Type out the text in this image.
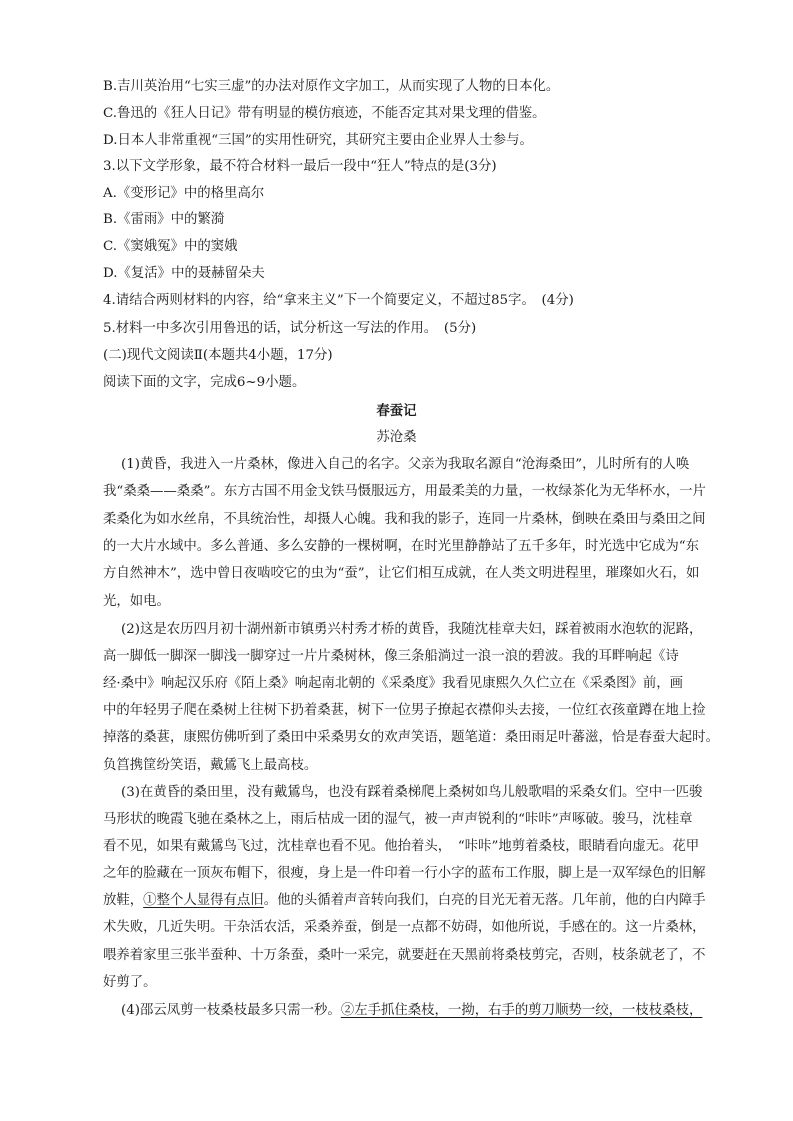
B.吉川英治用“七实三虚”的办法对原作文字加工，从而实现了人物的日本化。
C.鲁迅的《狂人日记》带有明显的模仿痕迹，不能否定其对果戈理的借鉴。
D.日本人非常重视“三国”的实用性研究，其研究主要由企业界人士参与。
3.以下文学形象，最不符合材料一最后一段中“狂人”特点的是(3分)
A.《变形记》中的格里高尔
B.《雷雨》中的繁漪
C.《窦娥冤》中的窦娥
D.《复活》中的聂赫留朵夫
4.请结合两则材料的内容，给“拿来主义”下一个简要定义，不超过85字。　(4分)
5.材料一中多次引用鲁迅的话，试分析这一写法的作用。　(5分)
(二)现代文阅读Ⅱ(本题共4小题，17分)
阅读下面的文字，完成6~9小题。
春蚕记
苏沧桑
(1)黄昏，我进入一片桑林，像进入自己的名字。父亲为我取名源自“沧海桑田”，儿时所有的人唤
我“桑桑——桑桑”。东方古国不用金戈铁马慑服远方，用最柔美的力量，一枚绿茶化为无华杯水，一片
柔桑化为如水丝帛，不具统治性，却摄人心魄。我和我的影子，连同一片桑林，倒映在桑田与桑田之间
的一大片水域中。多么普通、多么安静的一棵树啊，在时光里静静站了五千多年，时光选中它成为“东
方自然神木”，选中曾日夜啮咬它的虫为“蚕”，让它们相互成就，在人类文明进程里，璀璨如火石，如
光，如电。
(2)这是农历四月初十湖州新市镇勇兴村秀才桥的黄昏，我随沈桂章夫妇，踩着被雨水泡软的泥路，
高一脚低一脚深一脚浅一脚穿过一片片桑树林，像三条船淌过一浪一浪的碧波。我的耳畔响起《诗
经·桑中》响起汉乐府《陌上桑》响起南北朝的《采桑度》我看见康熙久久伫立在《采桑图》前，画
中的年轻男子爬在桑树上往树下扔着桑葚，树下一位男子撩起衣襟仰头去接，一位红衣孩童蹲在地上捡
掉落的桑葚，康熙仿佛听到了桑田中采桑男女的欢声笑语，题笔道：桑田雨足叶蕃滋，恰是春蚕大起时。
负筥携筐纷笑语，戴鵀飞上最高枝。
(3)在黄昏的桑田里，没有戴鵀鸟，也没有踩着桑梯爬上桑树如鸟儿般歌唱的采桑女们。空中一匹骏
马形状的晚霞飞驰在桑林之上，雨后枯成一团的湿气，被一声声锐利的“咔咔”声啄破。骏马，沈桂章
看不见，如果有戴鵀鸟飞过，沈桂章也看不见。他抬着头，　“咔咔”地剪着桑枝，眼睛看向虚无。花甲
之年的脸藏在一顶灰布帽下，很瘦，身上是一件印着一行小字的蓝布工作服，脚上是一双军绿色的旧解
放鞋，①整个人显得有点旧。他的头循着声音转向我们，白亮的目光无着无落。几年前，他的白内障手
术失败，几近失明。干杂活农活，采桑养蚕，倒是一点都不妨碍，如他所说，手感在的。这一片桑林，
喂养着家里三张半蚕种、十万条蚕，桑叶一采完，就要赶在天黑前将桑枝剪完，否则，枝条就老了，不
好剪了。
(4)邵云凤剪一枝桑枝最多只需一秒。②左手抓住桑枝，一拗，右手的剪刀顺势一绞，一枝枝桑枝，
